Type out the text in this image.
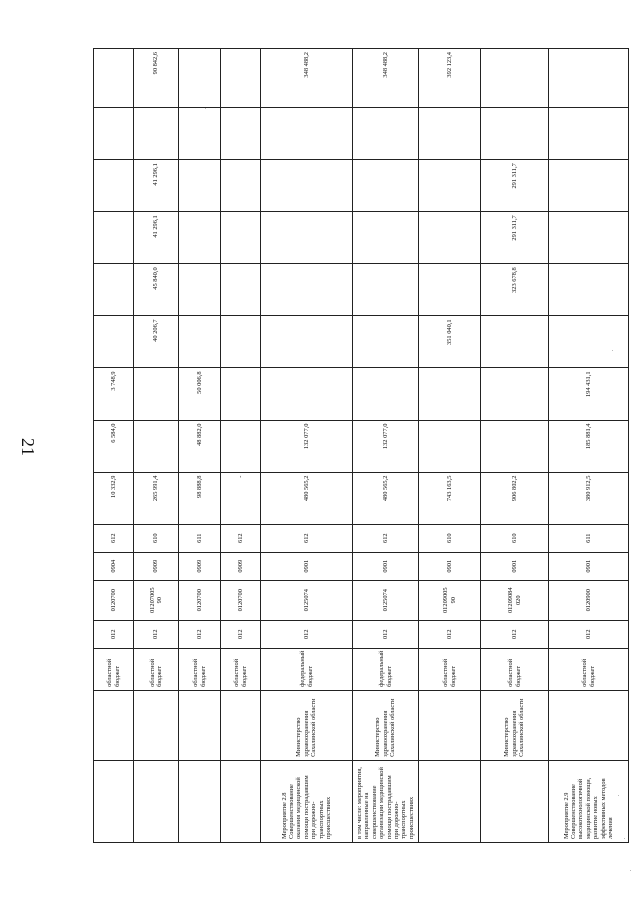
21
		областной бюджет	012	0120700	0904	612	10 332,9	6 584,0	3 748,9						
		областной бюджет	012	01207005 90	0909	610	265 991,4			40 206,7	45 840,0	41 296,1	41 296,1		90 842,6
		областной бюджет	012	0120700	0909	611	98 888,8	48 882,0	50 006,8						
		областной бюджет	012	0120700	0909	612	-								
Мероприятие 2.8 Совершенствование оказания медицинской помощи пострадавшим при дорожно-транспортных происшествиях	Министерство здравоохранения Сахалинской области	федеральный бюджет	012	0125074	0901	612	480 565,2	132 077,0							348 488,2
в том числе: мероприятия, направленные на совершенствование организации медицинской помощи пострадавшим при дорожно-транспортных происшествиях	Министерство здравоохранения Сахалинской области	федеральный бюджет	012	0125074	0901	612	480 565,2	132 077,0							348 488,2
		областной бюджет	012	01209005 90	0901	610	743 163,5			351 040,1					392 123,4
	Министерство здравоохранения Сахалинской области	областной бюджет	012	01209084 020	0901	610	906 802,2				323 678,8	291 311,7	291 311,7		
Мероприятие 2.9 Совершенствование высокотехнологичной медицинской помощи, развитие новых эффективных методов лечения		областной бюджет	012	0120900	0901	611	380 912,5	185 881,4	194 431,1						
